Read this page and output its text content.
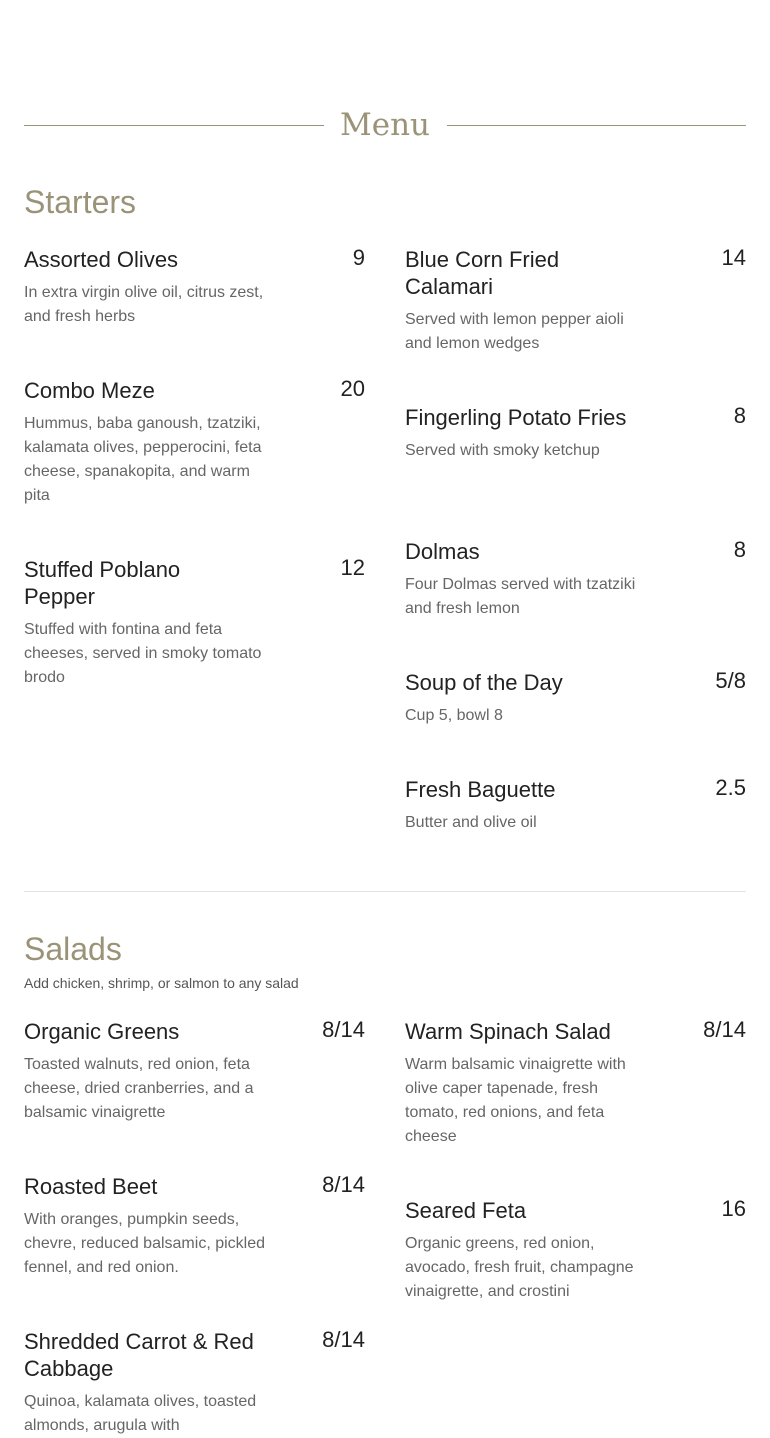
Menu
Starters
Assorted Olives	9
In extra virgin olive oil, citrus zest, and fresh herbs
Combo Meze	20
Hummus, baba ganoush, tzatziki, kalamata olives, pepperocini, feta cheese, spanakopita, and warm pita
Stuffed Poblano Pepper
12
Stuffed with fontina and feta cheeses, served in smoky tomato brodo
Blue Corn Fried Calamari
14
Served with lemon pepper aioli and lemon wedges
Fingerling Potato Fries	8
Served with smoky ketchup
Dolmas	8
Four Dolmas served with tzatziki and fresh lemon
Soup of the Day	5/8
Cup 5, bowl 8
Fresh Baguette	2.5
Butter and olive oil
Salads
Add chicken, shrimp, or salmon to any salad
Organic Greens	8/14
Toasted walnuts, red onion, feta cheese, dried cranberries, and a balsamic vinaigrette
Roasted Beet	8/14
With oranges, pumpkin seeds, chevre, reduced balsamic, pickled fennel, and red onion.
Shredded Carrot & Red Cabbage
8/14
Quinoa, kalamata olives, toasted almonds, arugula with
Warm Spinach Salad	8/14
Warm balsamic vinaigrette with olive caper tapenade, fresh tomato, red onions, and feta cheese
Seared Feta	16
Organic greens, red onion, avocado, fresh fruit, champagne vinaigrette, and crostini
